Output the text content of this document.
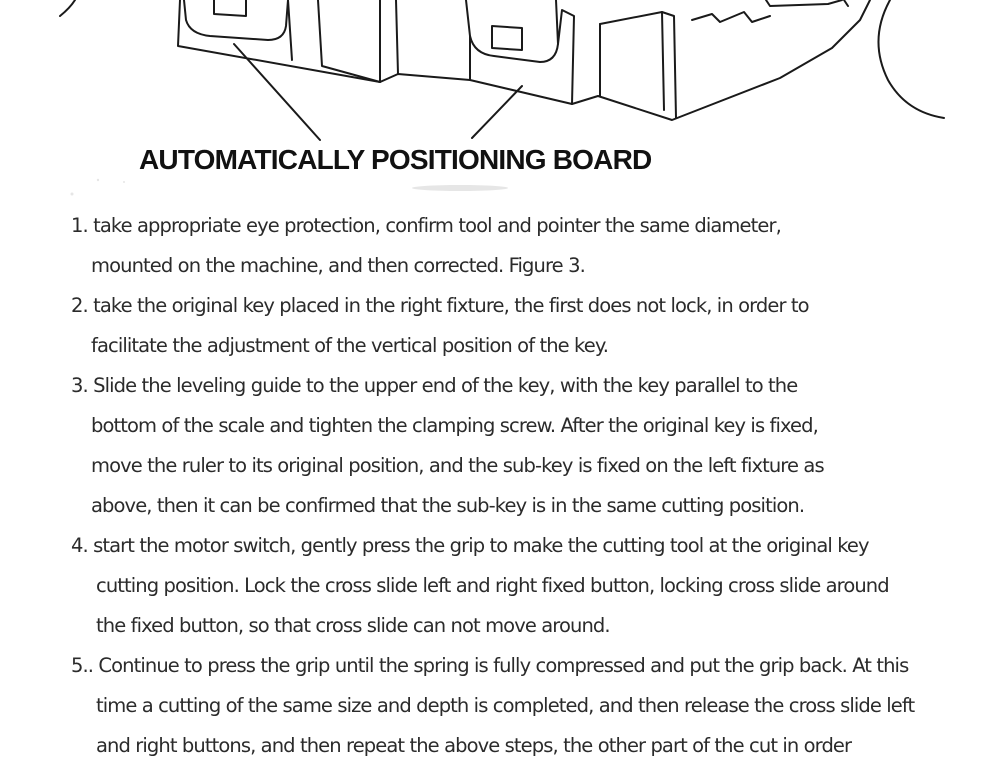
AUTOMATICALLY POSITIONING BOARD
1. take appropriate eye protection, confirm tool and pointer the same diameter,
mounted on the machine, and then corrected. Figure 3.
2. take the original key placed in the right fixture, the first does not lock, in order to
facilitate the adjustment of the vertical position of the key.
3. Slide the leveling guide to the upper end of the key, with the key parallel to the
bottom of the scale and tighten the clamping screw. After the original key is fixed,
move the ruler to its original position, and the sub-key is fixed on the left fixture as
above, then it can be confirmed that the sub-key is in the same cutting position.
4. start the motor switch, gently press the grip to make the cutting tool at the original key
cutting position. Lock the cross slide left and right fixed button, locking cross slide around
the fixed button, so that cross slide can not move around.
5.. Continue to press the grip until the spring is fully compressed and put the grip back. At this
time a cutting of the same size and depth is completed, and then release the cross slide left
and right buttons, and then repeat the above steps, the other part of the cut in order
